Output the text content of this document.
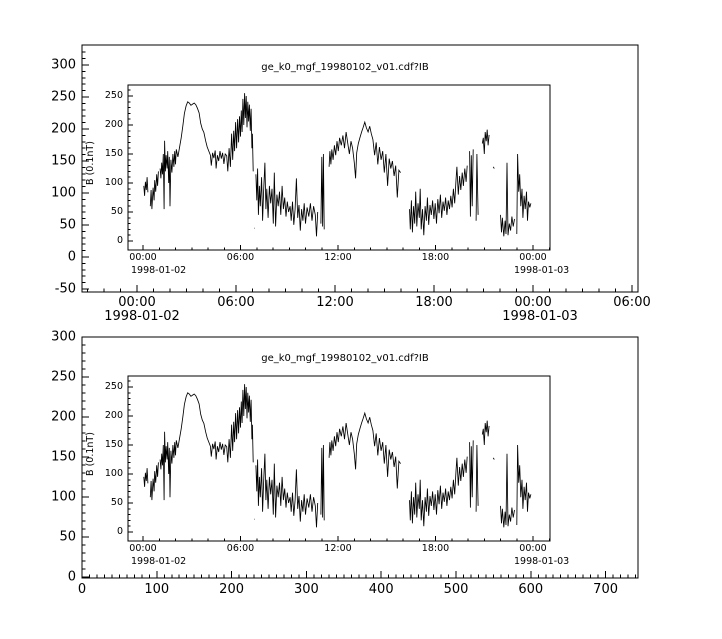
ge_k0_mgf_19980102_v01.cdf?IB
ge_k0_mgf_19980102_v01.cdf?IB
B (0.1nT)
B (0.1nT)
1998-01-02	1998-01-03
1998-01-02	1998-01-03
1998-01-02	1998-01-03
300
250
200
150
100
50
0
-50
00:00	06:00	12:00	18:00	00:00	06:00
300
250
200
150
100
50
0
0	100	200	300	400	500	600	700
250
200
150
100
50
0
00:00	06:00	12:00	18:00	00:00
250
200
150
100
50
0
00:00	06:00	12:00	18:00	00:00
